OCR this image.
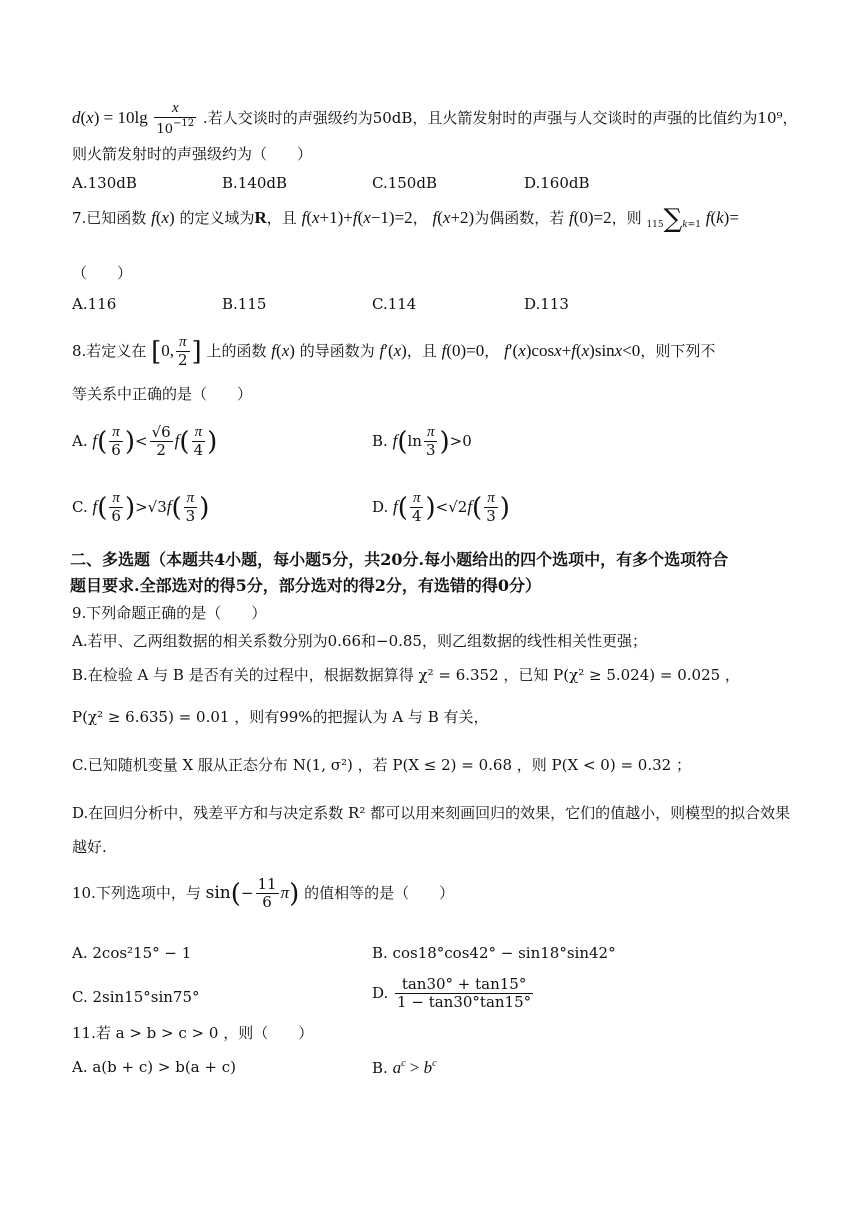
$d(x) = 10\lg \frac{x}{10^{-12}}$ .若人交谈时的声强级约为50dB，且火箭发射时的声强与人交谈时的声强的比值约为10⁹，
则火箭发射时的声强级约为（　　）
A.130dB	B.140dB	C.150dB	D.160dB
7.已知函数 f(x) 的定义域为R，且 f(x+1)+f(x−1)=2， f(x+2)为偶函数，若 f(0)=2，则 115∑k=1 f(k)=
（　　）
A.116	B.115	C.114	D.113
8.若定义在 [0, $\frac{\pi}{2}$ ] 上的函数 f(x) 的导函数为 f′(x)，且 f(0)=0， f′(x)cosx+f(x)sinx<0，则下列不
等关系中正确的是（　　）
A. $f( \frac{\pi}{6}$ )< $\frac{√6}{2} f( \frac{\pi}{4}$ )	B. $f(\ln \frac{\pi}{3} )>0$
C. $f( \frac{\pi}{6} )>√3f( \frac{\pi}{3}$ )	D. $f( \frac{\pi}{4} )<√2f( \frac{\pi}{3}$ )
二、多选题（本题共4小题，每小题5分，共20分.每小题给出的四个选项中，有多个选项符合
题目要求.全部选对的得5分，部分选对的得2分，有选错的得0分）
9.下列命题正确的是（　　）
A.若甲、乙两组数据的相关系数分别为0.66和−0.85，则乙组数据的线性相关性更强；
B.在检验 A 与 B 是否有关的过程中，根据数据算得 χ² = 6.352 ，已知 P(χ² ≥ 5.024) = 0.025 ，
P(χ² ≥ 6.635) = 0.01 ，则有99%的把握认为 A 与 B 有关，
C.已知随机变量 X 服从正态分布 N(1, σ²) ，若 P(X ≤ 2) = 0.68 ，则 P(X < 0) = 0.32 ；
D.在回归分析中，残差平方和与决定系数 R² 都可以用来刻画回归的效果，它们的值越小，则模型的拟合效果
越好.
10.下列选项中，与 $\sin(- \frac{11}{6} \pi)$ 的值相等的是（　　）
A. 2cos²15° − 1	B. cos18°cos42° − sin18°sin42°
C. 2sin15°sin75°	D. $\frac{\tan 30^\circ + \tan 15^\circ}{1 - \tan 30^\circ\tan 15^\circ}$
11.若 a > b > c > 0 ，则（　　）
A. a(b + c) > b(a + c)	B. $a^c > b^c$
